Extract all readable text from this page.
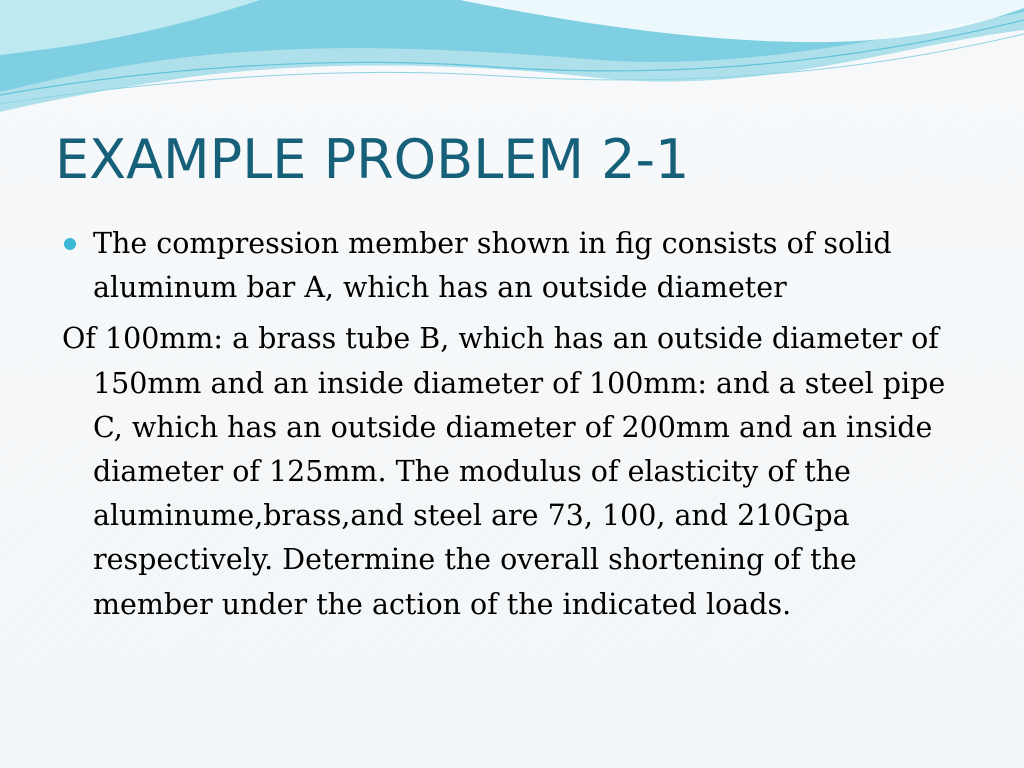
EXAMPLE PROBLEM 2-1

The compression member shown in fig consists of solid aluminum bar A, which has an outside diameter

Of 100mm: a brass tube B, which has an outside diameter of 150mm and an inside diameter of 100mm: and a steel pipe C, which has an outside diameter of 200mm and an inside diameter of 125mm. The modulus of elasticity of the aluminume,brass,and steel are 73, 100, and 210Gpa respectively. Determine the overall shortening of the member under the action of the indicated loads.
